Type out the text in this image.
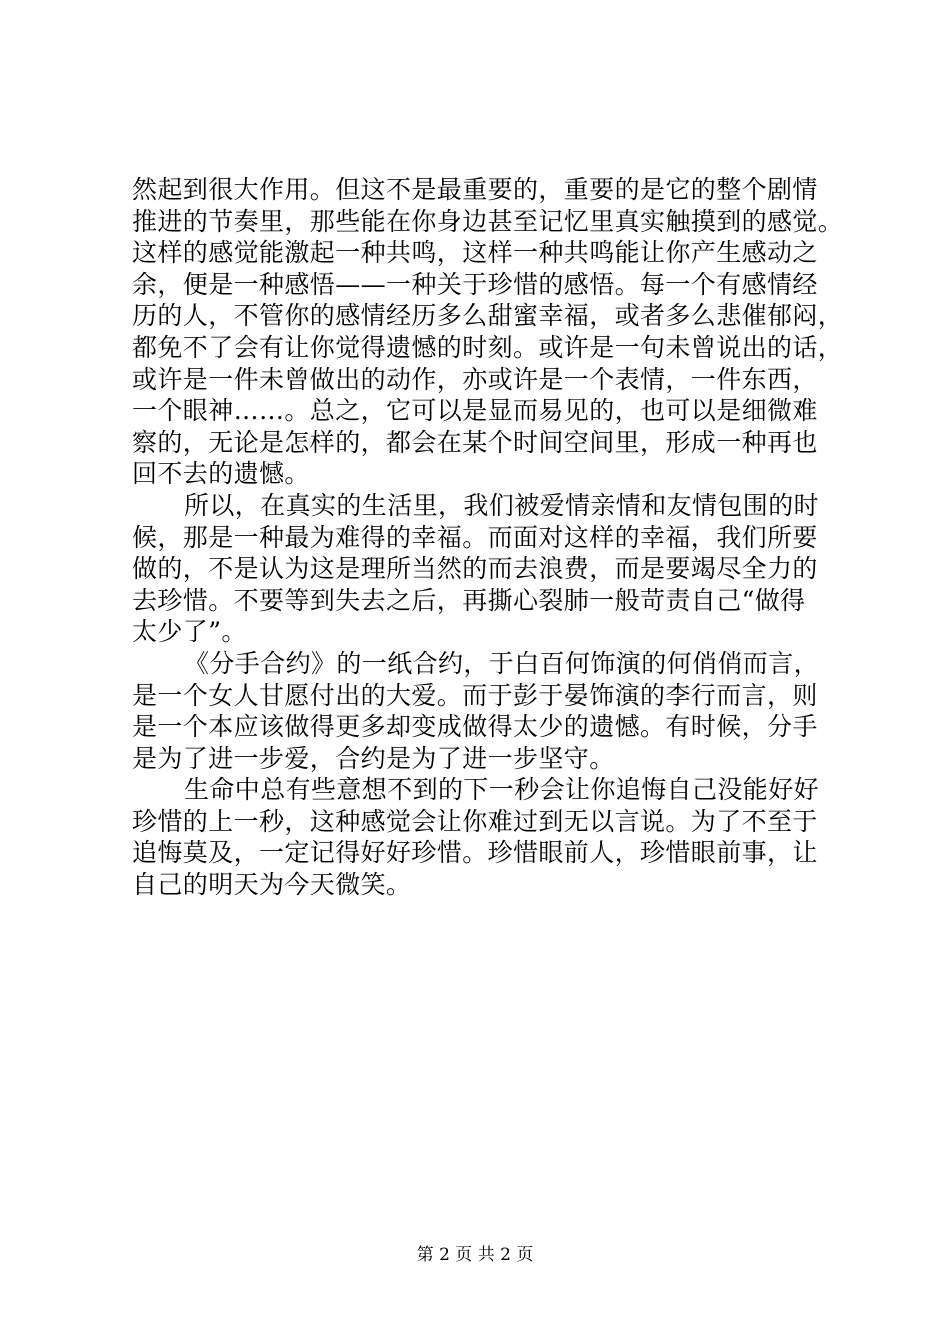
然起到很大作用。但这不是最重要的，重要的是它的整个剧情
推进的节奏里，那些能在你身边甚至记忆里真实触摸到的感觉。
这样的感觉能激起一种共鸣，这样一种共鸣能让你产生感动之
余，便是一种感悟——一种关于珍惜的感悟。每一个有感情经
历的人，不管你的感情经历多么甜蜜幸福，或者多么悲催郁闷，
都免不了会有让你觉得遗憾的时刻。或许是一句未曾说出的话，
或许是一件未曾做出的动作，亦或许是一个表情，一件东西，
一个眼神……。总之，它可以是显而易见的，也可以是细微难
察的，无论是怎样的，都会在某个时间空间里，形成一种再也
回不去的遗憾。
所以，在真实的生活里，我们被爱情亲情和友情包围的时
候，那是一种最为难得的幸福。而面对这样的幸福，我们所要
做的，不是认为这是理所当然的而去浪费，而是要竭尽全力的
去珍惜。不要等到失去之后，再撕心裂肺一般苛责自己“做得
太少了”。
《分手合约》的一纸合约，于白百何饰演的何俏俏而言，
是一个女人甘愿付出的大爱。而于彭于晏饰演的李行而言，则
是一个本应该做得更多却变成做得太少的遗憾。有时候，分手
是为了进一步爱，合约是为了进一步坚守。
生命中总有些意想不到的下一秒会让你追悔自己没能好好
珍惜的上一秒，这种感觉会让你难过到无以言说。为了不至于
追悔莫及，一定记得好好珍惜。珍惜眼前人，珍惜眼前事，让
自己的明天为今天微笑。
第 2 页 共 2 页
